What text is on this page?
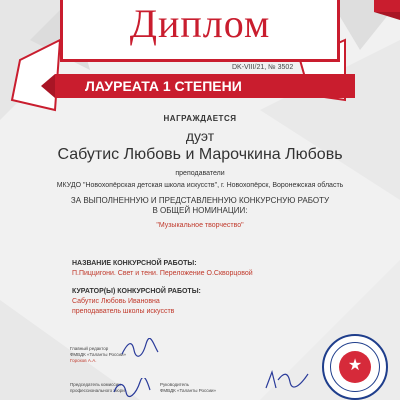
Диплом
DK-VIII/21, № 3502
ЛАУРЕАТА 1 СТЕПЕНИ
НАГРАЖДАЕТСЯ
дуэт
Сабутис Любовь и Марочкина Любовь
преподаватели
МКУДО "Новохопёрская детская школа искусств", г. Новохопёрск, Воронежская область
ЗА ВЫПОЛНЕННУЮ И ПРЕДСТАВЛЕННУЮ КОНКУРСНУЮ РАБОТУ
В ОБЩЕЙ НОМИНАЦИИ:
"Музыкальное творчество"
НАЗВАНИЕ КОНКУРСНОЙ РАБОТЫ:
П.Пиццигони. Свет и тени. Переложение О.Скворцовой
КУРАТОР(Ы) КОНКУРСНОЙ РАБОТЫ:
Сабутис Любовь Ивановна
преподаватель школы искусств
Главный редактор
ФМВДК «Таланты России»
Горохов А.А.
Председатель комиссии
профессионального жюри
Руководитель
ФМВДК «Таланты России»
★
